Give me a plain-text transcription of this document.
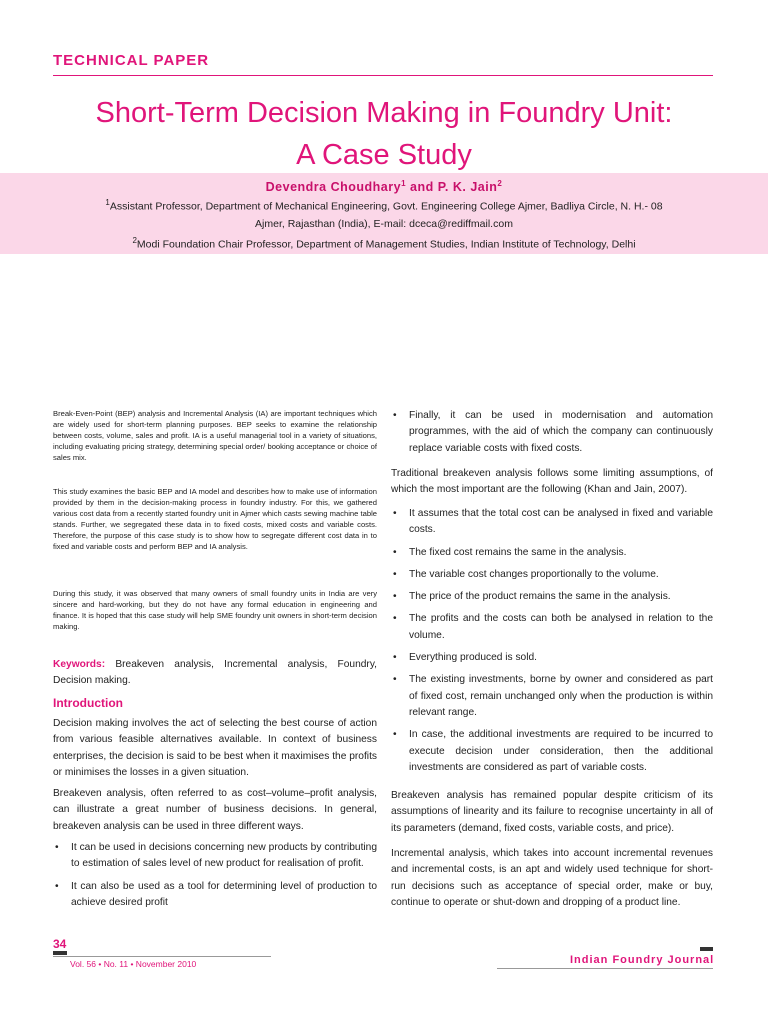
TECHNICAL PAPER
Short-Term Decision Making in Foundry Unit:
A Case Study
Devendra Choudhary$^1$ and P. K. Jain$^2$
$^1$Assistant Professor, Department of Mechanical Engineering, Govt. Engineering College Ajmer, Badliya Circle, N. H.- 08
Ajmer, Rajasthan (India), E-mail: dceca@rediffmail.com
$^2$Modi Foundation Chair Professor, Department of Management Studies, Indian Institute of Technology, Delhi

Break-Even-Point (BEP) analysis and Incremental Analysis (IA) are important techniques which are widely used for short-term planning purposes. BEP seeks to examine the relationship between costs, volume, sales and profit. IA is a useful managerial tool in a variety of situations, including evaluating pricing strategy, determining special order/ booking acceptance or choice of sales mix.

This study examines the basic BEP and IA model and describes how to make use of information provided by them in the decision-making process in foundry industry. For this, we gathered various cost data from a recently started foundry unit in Ajmer which casts sewing machine table stands. Further, we segregated these data in to fixed costs, mixed costs and variable costs. Therefore, the purpose of this case study is to show how to segregate different cost data in to fixed and variable costs and perform BEP and IA analysis.

During this study, it was observed that many owners of small foundry units in India are very sincere and hard-working, but they do not have any formal education in engineering and finance. It is hoped that this case study will help SME foundry unit owners in short-term decision making.

Keywords: Breakeven analysis, Incremental analysis, Foundry, Decision making.
Introduction
Decision making involves the act of selecting the best course of action from various feasible alternatives available. In context of business enterprises, the decision is said to be best when it maximises the profits or minimises the losses in a given situation.
Breakeven analysis, often referred to as cost–volume–profit analysis, can illustrate a great number of business decisions. In general, breakeven analysis can be used in three different ways.
• It can be used in decisions concerning new products by contributing to estimation of sales level of new product for realisation of profit.
• It can also be used as a tool for determining level of production to achieve desired profit
• Finally, it can be used in modernisation and automation programmes, with the aid of which the company can continuously replace variable costs with fixed costs.
Traditional breakeven analysis follows some limiting assumptions, of which the most important are the following (Khan and Jain, 2007).
• It assumes that the total cost can be analysed in fixed and variable costs.
• The fixed cost remains the same in the analysis.
• The variable cost changes proportionally to the volume.
• The price of the product remains the same in the analysis.
• The profits and the costs can both be analysed in relation to the volume.
• Everything produced is sold.
• The existing investments, borne by owner and considered as part of fixed cost, remain unchanged only when the production is within relevant range.
• In case, the additional investments are required to be incurred to execute decision under consideration, then the additional investments are considered as part of variable costs.
Breakeven analysis has remained popular despite criticism of its assumptions of linearity and its failure to recognise uncertainty in all of its parameters (demand, fixed costs, variable costs, and price).
Incremental analysis, which takes into account incremental revenues and incremental costs, is an apt and widely used technique for short-run decisions such as acceptance of special order, make or buy, continue to operate or shut-down and dropping of a product line.
34
Vol. 56 • No. 11 • November 2010	Indian Foundry Journal
